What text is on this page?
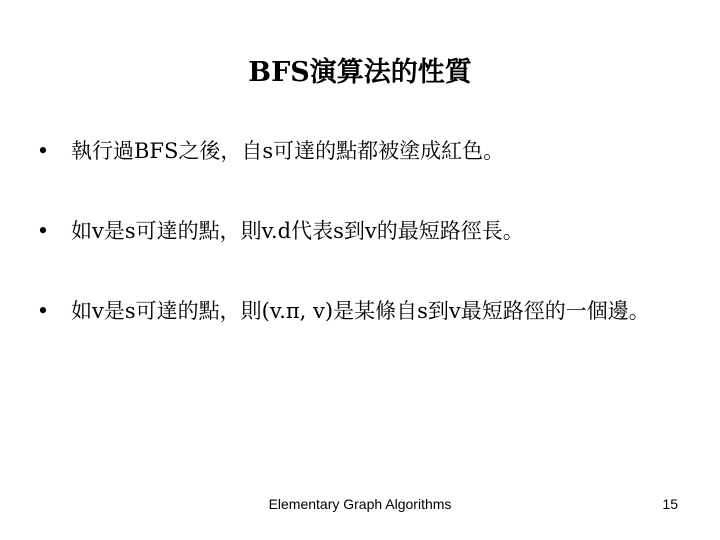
BFS演算法的性質
• 執行過BFS之後，自s可達的點都被塗成紅色。
• 如v是s可達的點，則v.d代表s到v的最短路徑長。
• 如v是s可達的點，則(v.π, v)是某條自s到v最短路徑的一個邊。
Elementary Graph Algorithms	15
